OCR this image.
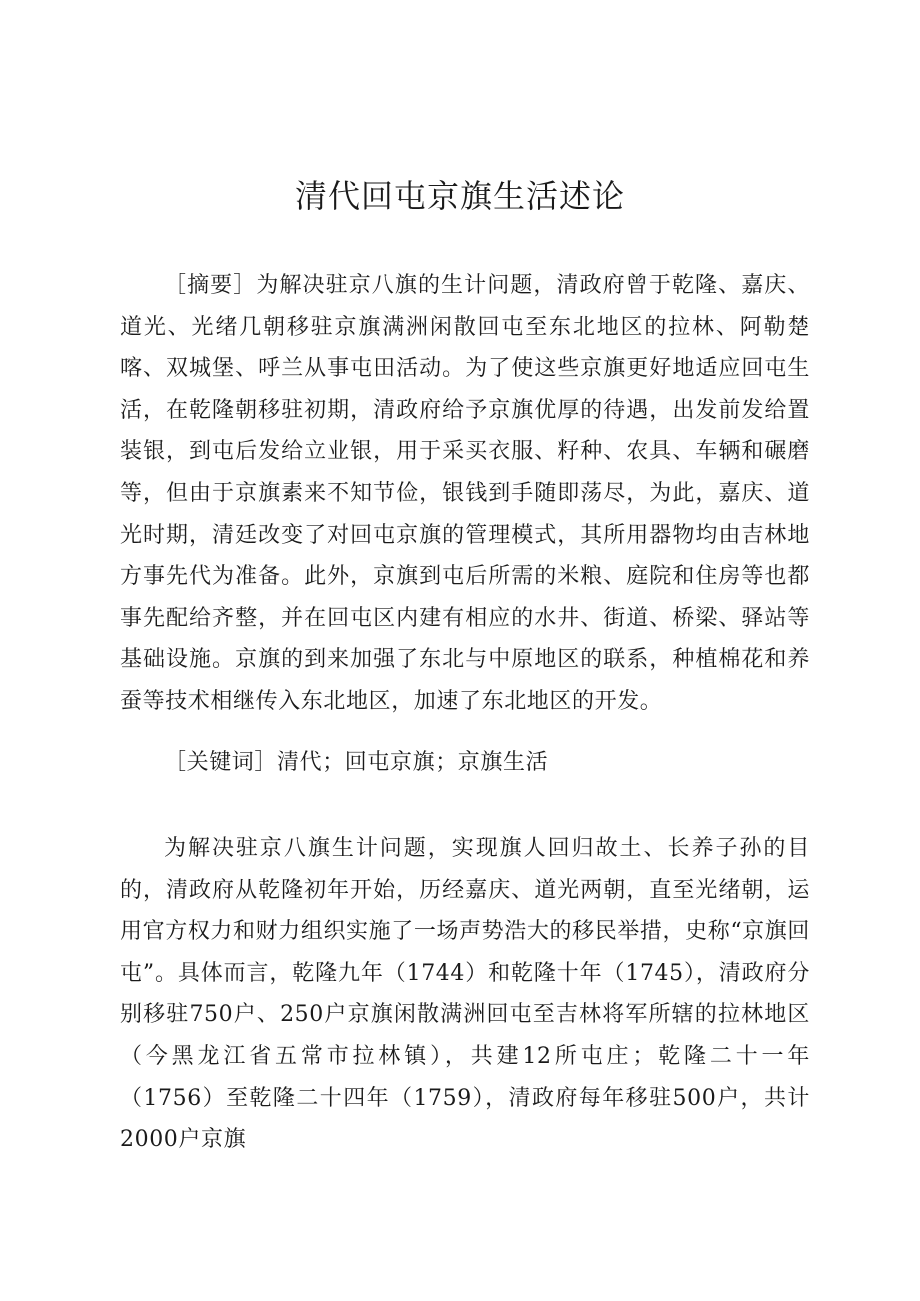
清代回屯京旗生活述论

［摘要］为解决驻京八旗的生计问题，清政府曾于乾隆、嘉庆、道光、光绪几朝移驻京旗满洲闲散回屯至东北地区的拉林、阿勒楚喀、双城堡、呼兰从事屯田活动。为了使这些京旗更好地适应回屯生活，在乾隆朝移驻初期，清政府给予京旗优厚的待遇，出发前发给置装银，到屯后发给立业银，用于采买衣服、籽种、农具、车辆和碾磨等，但由于京旗素来不知节俭，银钱到手随即荡尽，为此，嘉庆、道光时期，清廷改变了对回屯京旗的管理模式，其所用器物均由吉林地方事先代为准备。此外，京旗到屯后所需的米粮、庭院和住房等也都事先配给齐整，并在回屯区内建有相应的水井、街道、桥梁、驿站等基础设施。京旗的到来加强了东北与中原地区的联系，种植棉花和养蚕等技术相继传入东北地区，加速了东北地区的开发。

［关键词］清代；回屯京旗；京旗生活

为解决驻京八旗生计问题，实现旗人回归故土、长养子孙的目的，清政府从乾隆初年开始，历经嘉庆、道光两朝，直至光绪朝，运用官方权力和财力组织实施了一场声势浩大的移民举措，史称“京旗回屯”。具体而言，乾隆九年（1744）和乾隆十年（1745），清政府分别移驻750户、250户京旗闲散满洲回屯至吉林将军所辖的拉林地区（今黑龙江省五常市拉林镇），共建12所屯庄；乾隆二十一年（1756）至乾隆二十四年（1759），清政府每年移驻500户，共计2000户京旗
